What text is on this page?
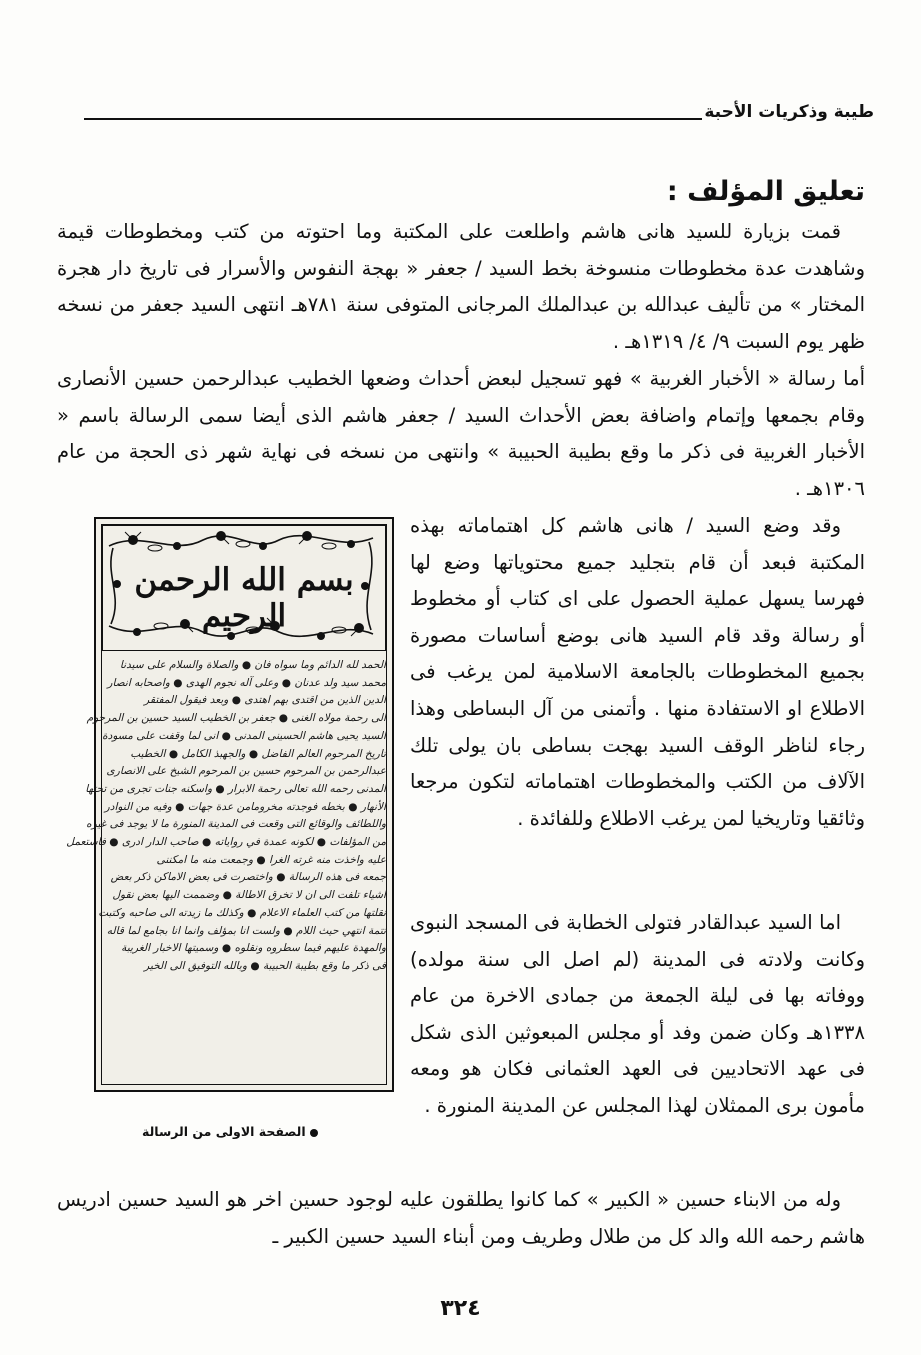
طيبة وذكريات الأحبة
تعليق المؤلف :

قمت بزيارة للسيد هانى هاشم واطلعت على المكتبة وما احتوته من كتب ومخطوطات قيمة وشاهدت عدة مخطوطات منسوخة بخط السيد / جعفر « بهجة النفوس والأسرار فى تاريخ دار هجرة المختار » من تأليف عبدالله بن عبدالملك المرجانى المتوفى سنة ٧٨١هـ انتهى السيد جعفر من نسخه ظهر يوم السبت ٩/ ٤/ ١٣١٩هـ .

أما رسالة « الأخبار الغربية » فهو تسجيل لبعض أحداث وضعها الخطيب عبدالرحمن حسين الأنصارى وقام بجمعها وإتمام واضافة بعض الأحداث السيد / جعفر هاشم الذى أيضا سمى الرسالة باسم « الأخبار الغربية فى ذكر ما وقع بطيبة الحبيبة » وانتهى من نسخه فى نهاية شهر ذى الحجة من عام ١٣٠٦هـ .

وقد وضع السيد / هانى هاشم كل اهتماماته بهذه المكتبة فبعد أن قام بتجليد جميع محتوياتها وضع لها فهرسا يسهل عملية الحصول على اى كتاب أو مخطوط أو رسالة وقد قام السيد هانى بوضع أساسات مصورة بجميع المخطوطات بالجامعة الاسلامية لمن يرغب فى الاطلاع او الاستفادة منها . وأتمنى من آل البساطى وهذا رجاء لناظر الوقف السيد بهجت بساطى بان يولى تلك الآلاف من الكتب والمخطوطات اهتماماته لتكون مرجعا وثائقيا وتاريخيا لمن يرغب الاطلاع وللفائدة .

اما السيد عبدالقادر فتولى الخطابة فى المسجد النبوى وكانت ولادته فى المدينة (لم اصل الى سنة مولده) ووفاته بها فى ليلة الجمعة من جمادى الاخرة من عام ١٣٣٨هـ وكان ضمن وفد أو مجلس المبعوثين الذى شكل فى عهد الاتحاديين فى العهد العثمانى فكان هو ومعه مأمون برى الممثلان لهذا المجلس عن المدينة المنورة .

وله من الابناء حسين « الكبير » كما كانوا يطلقون عليه لوجود حسين اخر هو السيد حسين ادريس هاشم رحمه الله والد كل من طلال وطريف ومن أبناء السيد حسين الكبير ـ

بسم الله الرحمن الرحيم
الحمد لله الدائم وما سواه فان ● والصلاة والسلام على سيدنا
محمد سيد ولد عدنان ● وعلى آله نجوم الهدى ● واصحابه انصار
الدين الذين من اقتدى بهم اهتدى ● وبعد فيقول المفتقر
الى رحمة مولاه الغنى ● جعفر بن الخطيب السيد حسين بن المرحوم
السيد يحيى هاشم الحسينى المدنى ● انى لما وقفت على مسودة
تاريخ المرحوم العالم الفاضل ● والجهبذ الكامل ● الخطيب
عبدالرحمن بن المرحوم حسين بن المرحوم الشيخ على الانصارى
المدنى رحمه الله تعالى رحمة الابرار ● واسكنه جنات تجرى من تحتها
الأنهار ● بخطه فوجدته مخرومامن عدة جهات ● وفيه من النوادر
واللطائف والوقائع التى وقعت فى المدينة المنورة ما لا يوجد فى غيره
من المؤلفات ● لكونه عمدة في رواياته ● صاحب الدار ادرى ● فاستعمل
عليه واخذت منه غرته الغرا ● وجمعت منه ما امكننى
جمعه فى هذه الرسالة ● واختصرت فى بعض الاماكن ذكر بعض
اشياء تلفت الى ان لا تخرق الاطالة ● وضممت اليها بعض نقول
نقلتها من كتب العلماء الاعلام ● وكذلك ما زيدته الى صاحبه وكتبت
تتمة انتهي حيث اللام ● ولست انا بمؤلف وانما انا بجامع لما قاله
والمهدة عليهم فيما سطروه ونقلوه ● وسميتها الاخبار الغريبة
فى ذكر ما وقع بطيبة الحبيبة ● وبالله التوفيق الى الخير
الصفحة الاولى من الرسالة
٣٢٤
